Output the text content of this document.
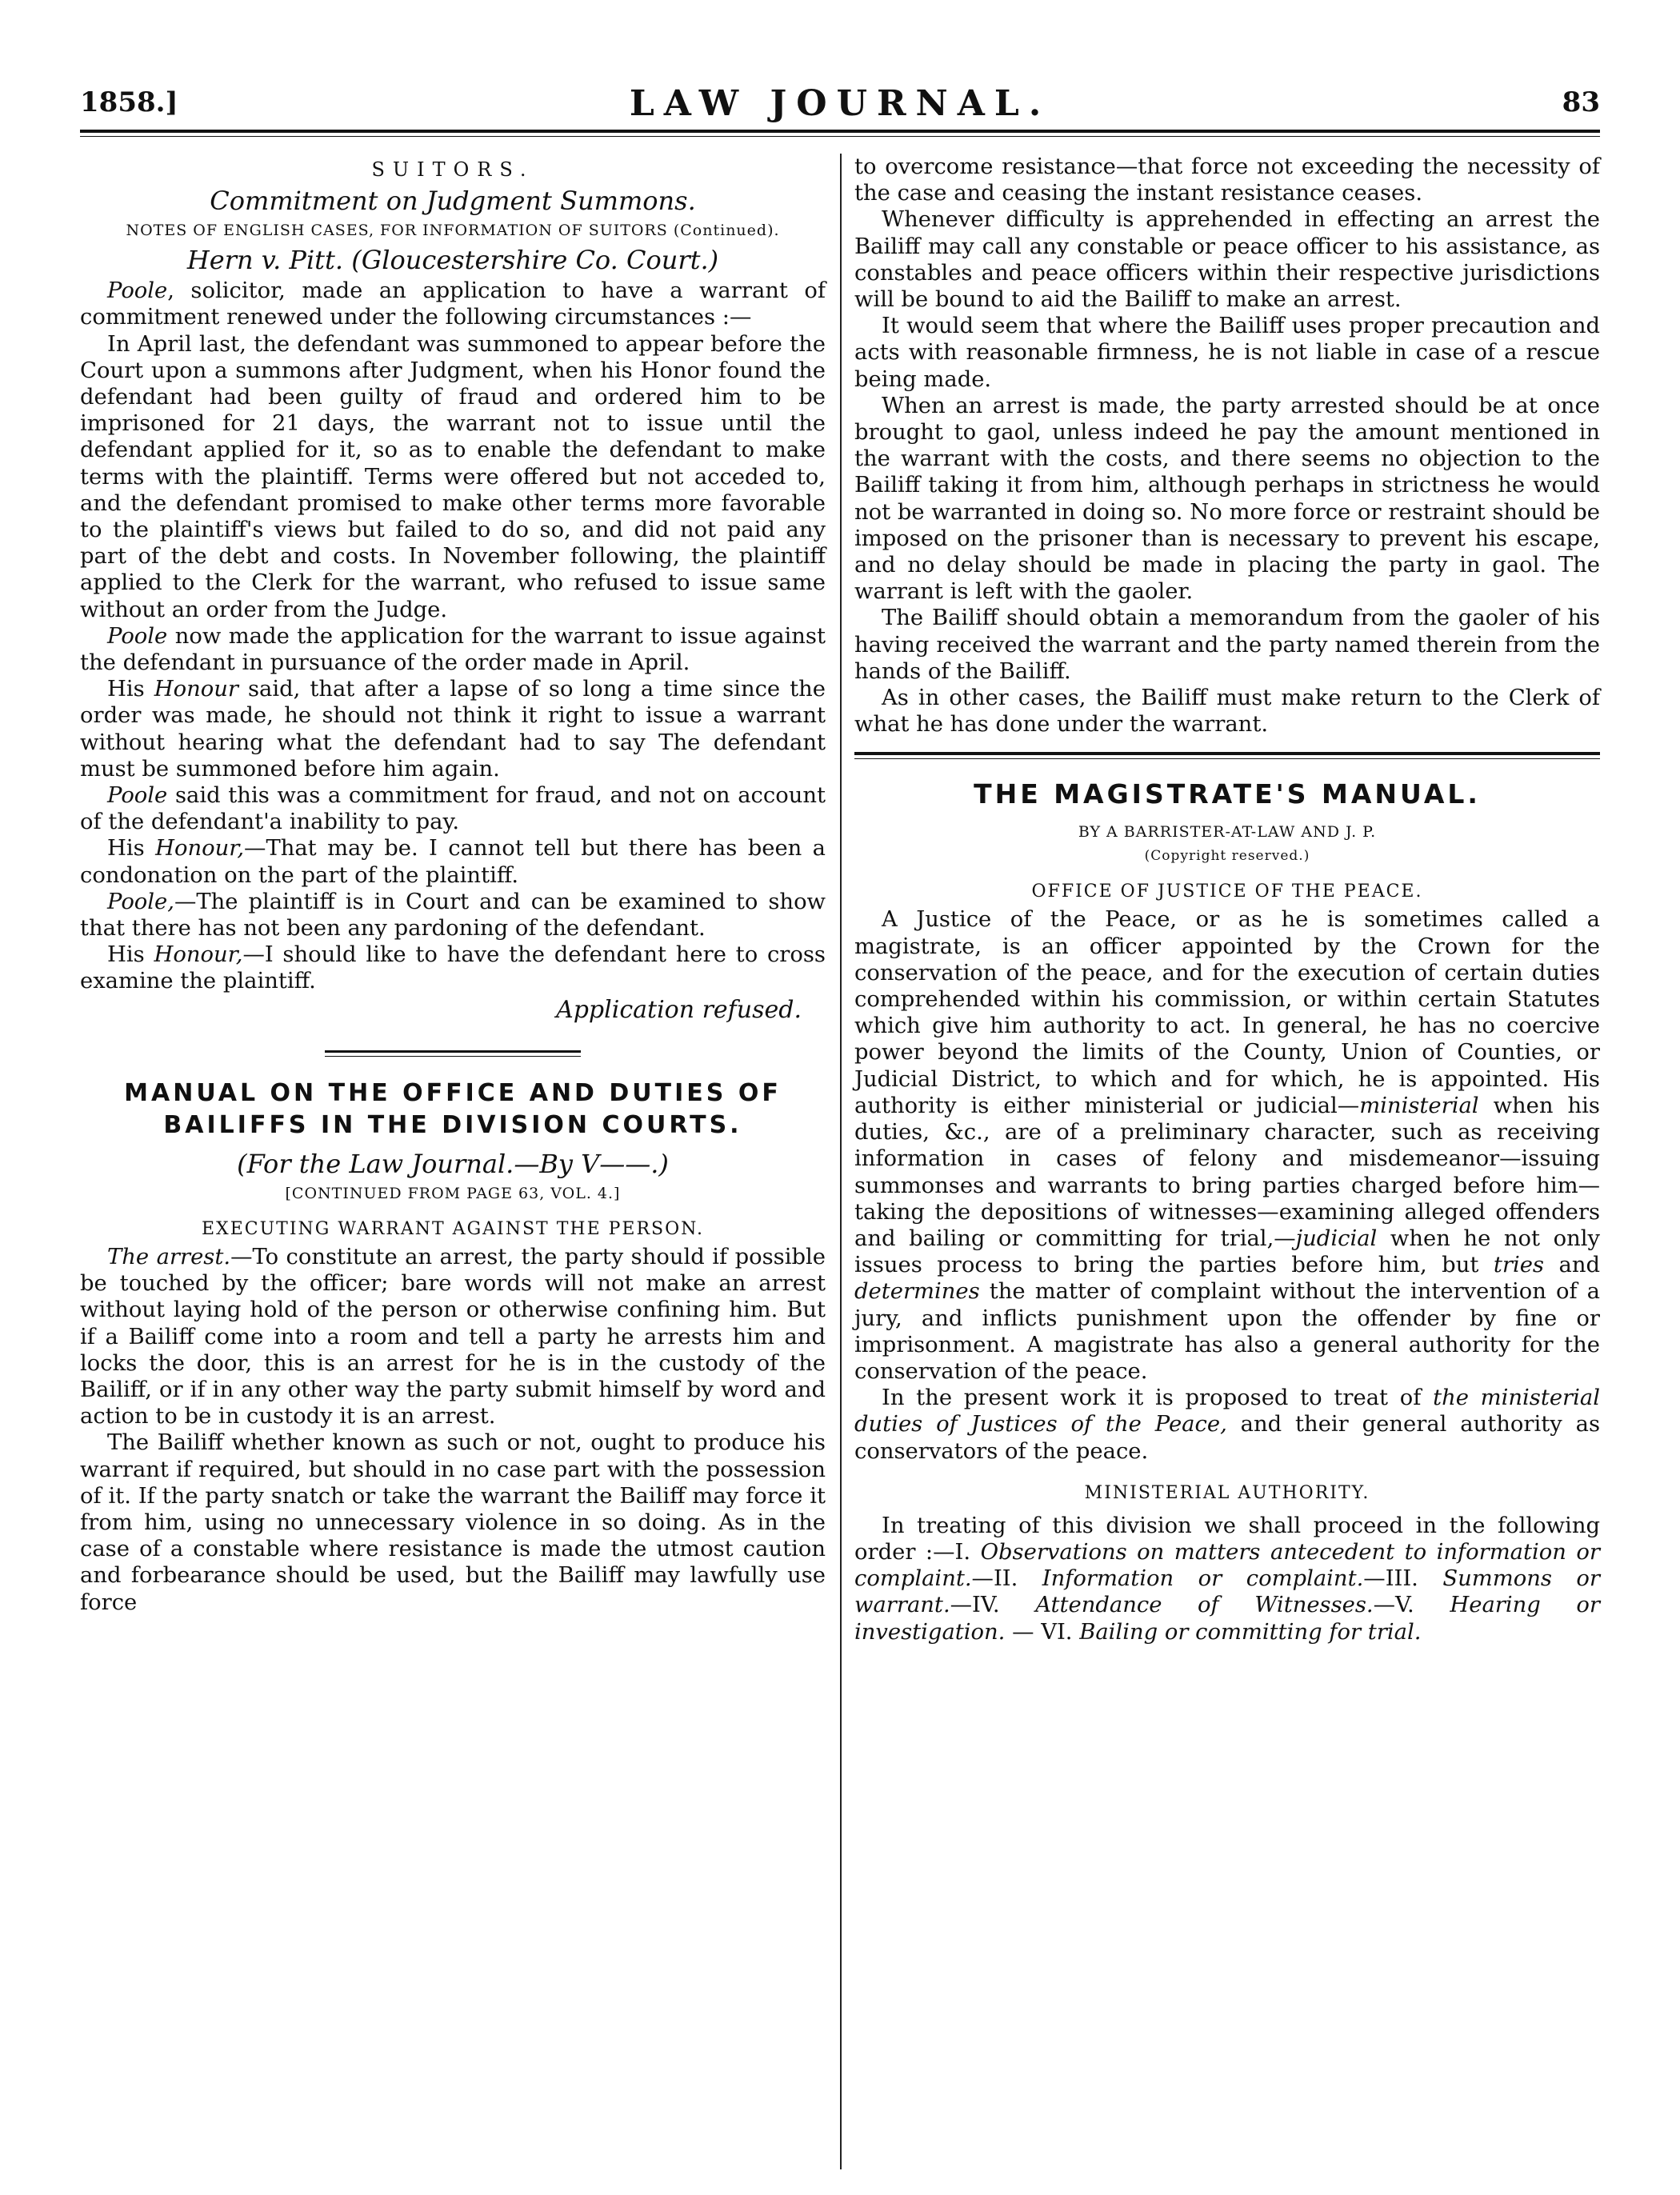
1858.]	LAW JOURNAL.	83
SUITORS.
Commitment on Judgment Summons.
NOTES OF ENGLISH CASES, FOR INFORMATION OF SUITORS (Continued).
Hern v. Pitt. (Gloucestershire Co. Court.)

Poole, solicitor, made an application to have a warrant of commitment renewed under the following circumstances :—

In April last, the defendant was summoned to appear before the Court upon a summons after Judgment, when his Honor found the defendant had been guilty of fraud and ordered him to be imprisoned for 21 days, the warrant not to issue until the defendant applied for it, so as to enable the defendant to make terms with the plaintiff. Terms were offered but not acceded to, and the defendant promised to make other terms more favorable to the plaintiff's views but failed to do so, and did not paid any part of the debt and costs. In November following, the plaintiff applied to the Clerk for the warrant, who refused to issue same without an order from the Judge.

Poole now made the application for the warrant to issue against the defendant in pursuance of the order made in April.

His Honour said, that after a lapse of so long a time since the order was made, he should not think it right to issue a warrant without hearing what the defendant had to say The defendant must be summoned before him again.

Poole said this was a commitment for fraud, and not on account of the defendant'a inability to pay.

His Honour,—That may be. I cannot tell but there has been a condonation on the part of the plaintiff.

Poole,—The plaintiff is in Court and can be examined to show that there has not been any pardoning of the defendant.

His Honour,—I should like to have the defendant here to cross examine the plaintiff.

Application refused.
MANUAL ON THE OFFICE AND DUTIES OF
BAILIFFS IN THE DIVISION COURTS.
(For the Law Journal.—By V——.)
[CONTINUED FROM PAGE 63, VOL. 4.]
EXECUTING WARRANT AGAINST THE PERSON.

The arrest.—To constitute an arrest, the party should if possible be touched by the officer; bare words will not make an arrest without laying hold of the person or otherwise confining him. But if a Bailiff come into a room and tell a party he arrests him and locks the door, this is an arrest for he is in the custody of the Bailiff, or if in any other way the party submit himself by word and action to be in custody it is an arrest.

The Bailiff whether known as such or not, ought to produce his warrant if required, but should in no case part with the possession of it. If the party snatch or take the warrant the Bailiff may force it from him, using no unnecessary violence in so doing. As in the case of a constable where resistance is made the utmost caution and forbearance should be used, but the Bailiff may lawfully use force

to overcome resistance—that force not exceeding the necessity of the case and ceasing the instant resistance ceases.

Whenever difficulty is apprehended in effecting an arrest the Bailiff may call any constable or peace officer to his assistance, as constables and peace officers within their respective jurisdictions will be bound to aid the Bailiff to make an arrest.

It would seem that where the Bailiff uses proper precaution and acts with reasonable firmness, he is not liable in case of a rescue being made.

When an arrest is made, the party arrested should be at once brought to gaol, unless indeed he pay the amount mentioned in the warrant with the costs, and there seems no objection to the Bailiff taking it from him, although perhaps in strictness he would not be warranted in doing so. No more force or restraint should be imposed on the prisoner than is necessary to prevent his escape, and no delay should be made in placing the party in gaol. The warrant is left with the gaoler.

The Bailiff should obtain a memorandum from the gaoler of his having received the warrant and the party named therein from the hands of the Bailiff.

As in other cases, the Bailiff must make return to the Clerk of what he has done under the warrant.

THE MAGISTRATE'S MANUAL.
BY A BARRISTER-AT-LAW AND J. P.
(Copyright reserved.)
OFFICE OF JUSTICE OF THE PEACE.

A Justice of the Peace, or as he is sometimes called a magistrate, is an officer appointed by the Crown for the conservation of the peace, and for the execution of certain duties comprehended within his commission, or within certain Statutes which give him authority to act. In general, he has no coercive power beyond the limits of the County, Union of Counties, or Judicial District, to which and for which, he is appointed. His authority is either ministerial or judicial—ministerial when his duties, &c., are of a preliminary character, such as receiving information in cases of felony and misdemeanor—issuing summonses and warrants to bring parties charged before him—taking the depositions of witnesses—examining alleged offenders and bailing or committing for trial,—judicial when he not only issues process to bring the parties before him, but tries and determines the matter of complaint without the intervention of a jury, and inflicts punishment upon the offender by fine or imprisonment. A magistrate has also a general authority for the conservation of the peace.

In the present work it is proposed to treat of the ministerial duties of Justices of the Peace, and their general authority as conservators of the peace.

MINISTERIAL AUTHORITY.

In treating of this division we shall proceed in the following order :—I. Observations on matters antecedent to information or complaint.—II. Information or complaint.—III. Summons or warrant.—IV. Attendance of Witnesses.—V. Hearing or investigation. — VI. Bailing or committing for trial.
